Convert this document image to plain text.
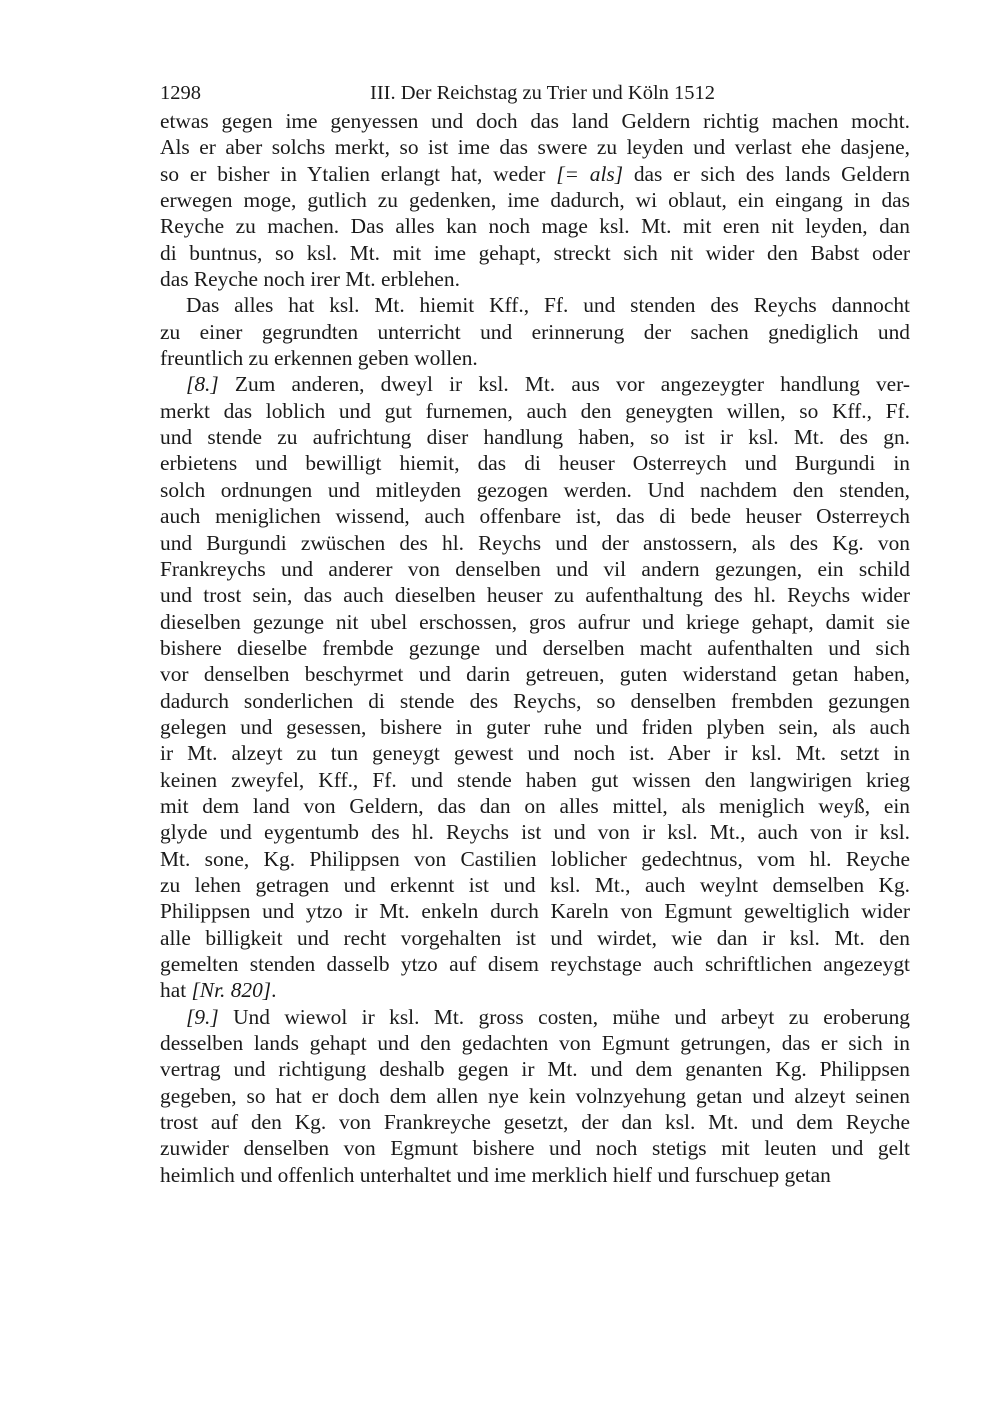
1298	III. Der Reichstag zu Trier und Köln 1512
etwas gegen ime genyessen und doch das land Geldern richtig machen mocht.
Als er aber solchs merkt, so ist ime das swere zu leyden und verlast ehe dasjene,
so er bisher in Ytalien erlangt hat, weder [= als] das er sich des lands Geldern
erwegen moge, gutlich zu gedenken, ime dadurch, wi oblaut, ein eingang in das
Reyche zu machen. Das alles kan noch mage ksl. Mt. mit eren nit leyden, dan
di buntnus, so ksl. Mt. mit ime gehapt, streckt sich nit wider den Babst oder
das Reyche noch irer Mt. erblehen.
Das alles hat ksl. Mt. hiemit Kff., Ff. und stenden des Reychs dannocht
zu einer gegrundten unterricht und erinnerung der sachen gnediglich und
freuntlich zu erkennen geben wollen.
[8.] Zum anderen, dweyl ir ksl. Mt. aus vor angezeygter handlung ver-
merkt das loblich und gut furnemen, auch den geneygten willen, so Kff., Ff.
und stende zu aufrichtung diser handlung haben, so ist ir ksl. Mt. des gn.
erbietens und bewilligt hiemit, das di heuser Osterreych und Burgundi in
solch ordnungen und mitleyden gezogen werden. Und nachdem den stenden,
auch meniglichen wissend, auch offenbare ist, das di bede heuser Osterreych
und Burgundi zwüschen des hl. Reychs und der anstossern, als des Kg. von
Frankreychs und anderer von denselben und vil andern gezungen, ein schild
und trost sein, das auch dieselben heuser zu aufenthaltung des hl. Reychs wider
dieselben gezunge nit ubel erschossen, gros aufrur und kriege gehapt, damit sie
bishere dieselbe frembde gezunge und derselben macht aufenthalten und sich
vor denselben beschyrmet und darin getreuen, guten widerstand getan haben,
dadurch sonderlichen di stende des Reychs, so denselben frembden gezungen
gelegen und gesessen, bishere in guter ruhe und friden plyben sein, als auch
ir Mt. alzeyt zu tun geneygt gewest und noch ist. Aber ir ksl. Mt. setzt in
keinen zweyfel, Kff., Ff. und stende haben gut wissen den langwirigen krieg
mit dem land von Geldern, das dan on alles mittel, als meniglich weyß, ein
glyde und eygentumb des hl. Reychs ist und von ir ksl. Mt., auch von ir ksl.
Mt. sone, Kg. Philippsen von Castilien loblicher gedechtnus, vom hl. Reyche
zu lehen getragen und erkennt ist und ksl. Mt., auch weylnt demselben Kg.
Philippsen und ytzo ir Mt. enkeln durch Kareln von Egmunt geweltiglich wider
alle billigkeit und recht vorgehalten ist und wirdet, wie dan ir ksl. Mt. den
gemelten stenden dasselb ytzo auf disem reychstage auch schriftlichen angezeygt
hat [Nr. 820].
[9.] Und wiewol ir ksl. Mt. gross costen, mühe und arbeyt zu eroberung
desselben lands gehapt und den gedachten von Egmunt getrungen, das er sich in
vertrag und richtigung deshalb gegen ir Mt. und dem genanten Kg. Philippsen
gegeben, so hat er doch dem allen nye kein volnzyehung getan und alzeyt seinen
trost auf den Kg. von Frankreyche gesetzt, der dan ksl. Mt. und dem Reyche
zuwider denselben von Egmunt bishere und noch stetigs mit leuten und gelt
heimlich und offenlich unterhaltet und ime merklich hielf und furschuep getan
